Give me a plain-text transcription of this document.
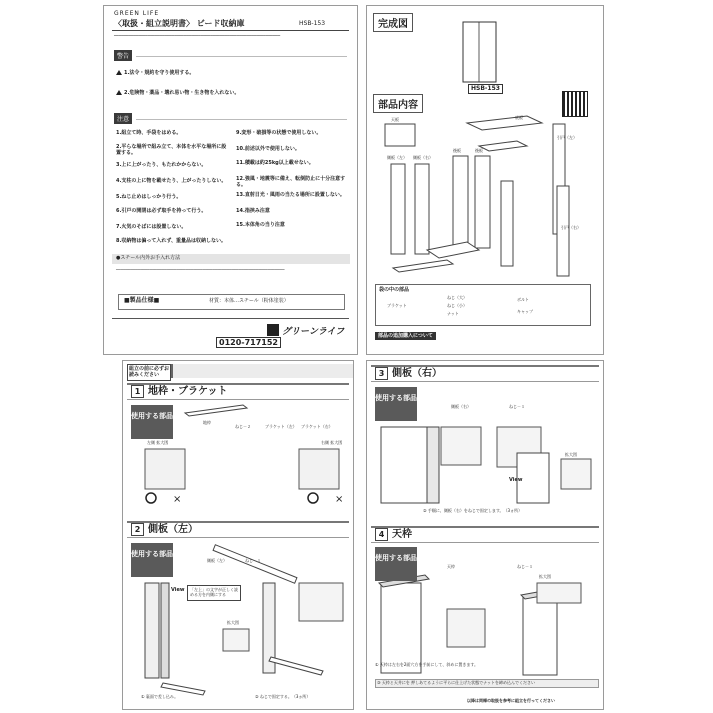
GREEN LIFE
〈取扱・組立説明書〉 ビード収納庫	HSB-153
━━━━━━━━━━━━━━━━━━━━━━━━━━━━━━━━━━━━━━━━━━━━━━━━━━━━━━━━━━━━━━━━━━━━━
警告
1.法令・規約を守り使用する。
2.危険物・薬品・壊れ易い物・生き物を入れない。
注意
1.組立て時、手袋をはめる。
2.平らな場所で組み立て、本体を水平な場所に設置する。
3.上に上がったり、もたれかからない。
4.支柱の上に物を載せたり、上がったりしない。
5.ねじ止めはしっかり行う。
6.引戸の開閉は必ず取手を持って行う。
7.火気のそばには設置しない。
8.収納物は偏って入れず、重量品は収納しない。
9.変形・破損等の状態で使用しない。
10.前述以外で使用しない。
11.積載は約25kg以上載せない。
12.強風・地震等に備え、転倒防止に十分注意する。
13.直射日光・風雨の当たる場所に設置しない。
14.指挟み注意
15.本体角の当り注意
●スチール内外お手入れ方法
━━━━━━━━━━━━━━━━━━━━━━━━━━━━━━━━━━━━━━━━━━━━━━━━━━━━━━━━━━━━━━━━━━━━━━
■製品仕様■	材質：本体…スチール（粉体塗装）
グリーンライフ
0120-717152
完成図
HSB-153
部品内容
天板	底板
側板（左） 側板（右）
後板	後板
引戸（左）
引戸（右）
袋の中の部品
ねじ（大）
ねじ（小）
ナット
ブラケット
ボルト
キャップ
部品の追加購入について
組立の前に必ずお読みください
1 地枠・ブラケット
使用する部品
×	×
地枠
ねじ－２	ブラケット（左） ブラケット（右）
左側 拡大図	右側 拡大図
2 側板（左）
使用する部品
側板（左）	ねじ－１
View	「左上」の文字が正しく読める方を内側にする
拡大図
① 裏面で差し込み。	② ねじで固定する。（3ヵ所）
3 側板（右）
使用する部品
側板（右）	ねじ－１
View
拡大図
② 手順に、側板（右）をねじで固定します。（3ヵ所）
4 天枠
使用する部品
天枠	ねじ－１
拡大図
① 天枠は左右を2面穴方を手前にして、斜めに置きます。
③ 天枠と天井にを 押しあてるように平らに仕上げた状態でナットを締め込んでください
以降は同様の取扱を参考に組立を行ってください
